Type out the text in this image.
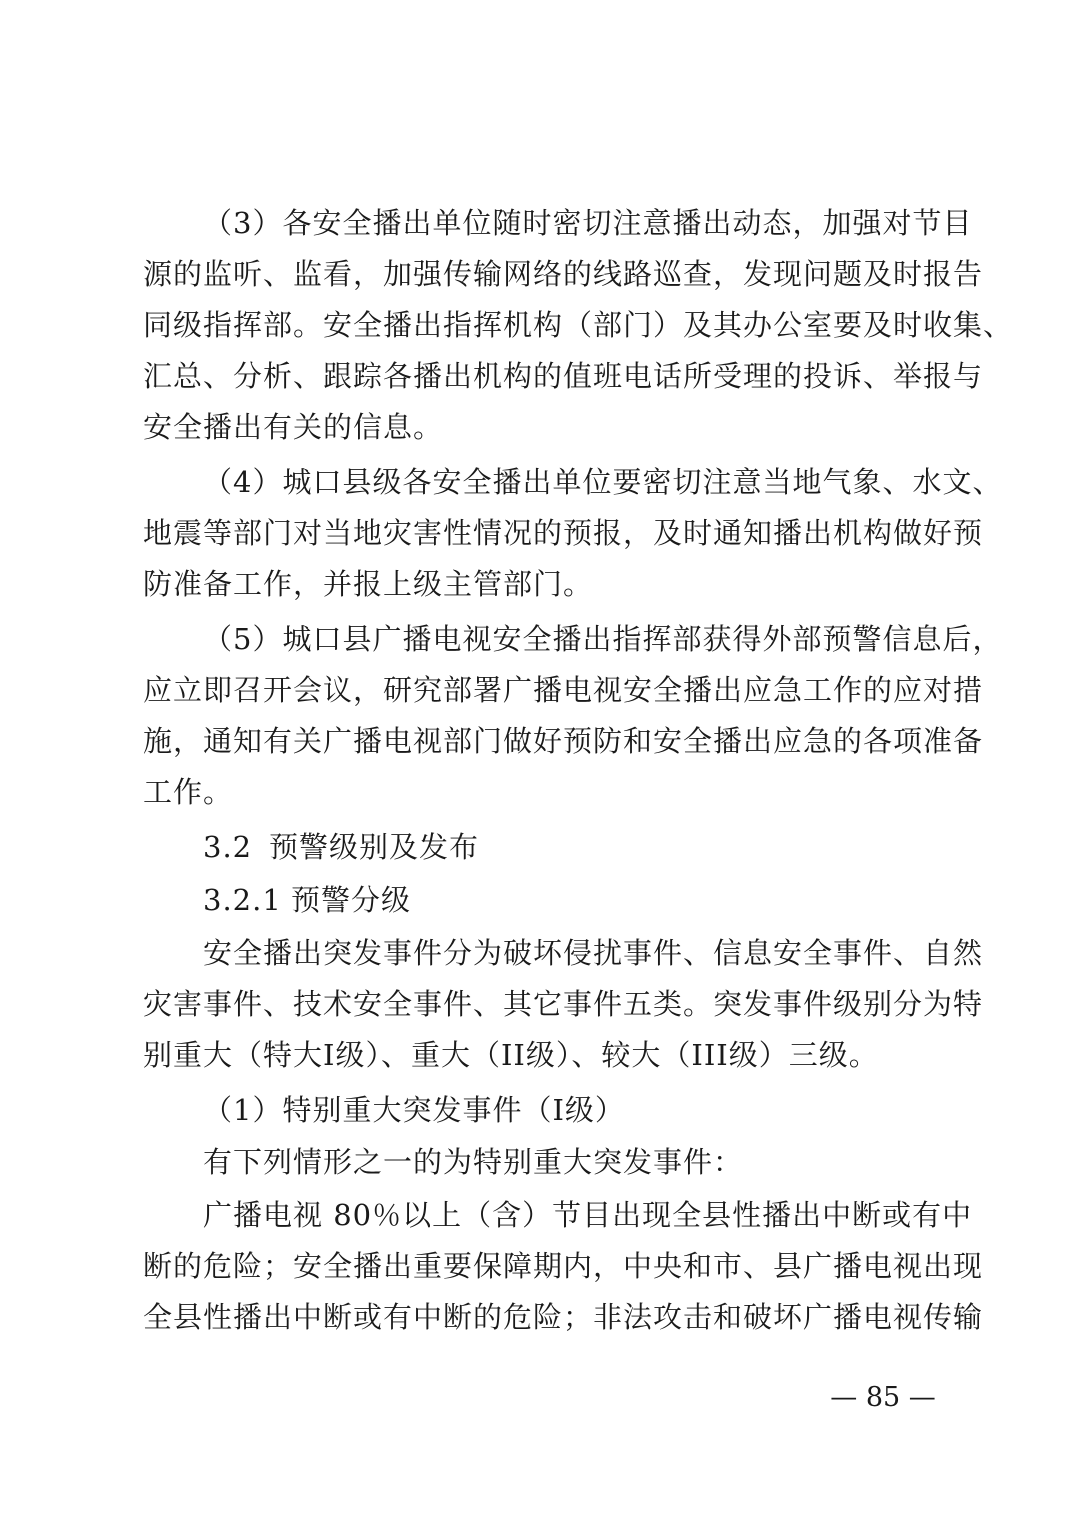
（3）各安全播出单位随时密切注意播出动态，加强对节目
源的监听、监看，加强传输网络的线路巡查，发现问题及时报告
同级指挥部。安全播出指挥机构（部门）及其办公室要及时收集、
汇总、分析、跟踪各播出机构的值班电话所受理的投诉、举报与
安全播出有关的信息。
（4）城口县级各安全播出单位要密切注意当地气象、水文、
地震等部门对当地灾害性情况的预报，及时通知播出机构做好预
防准备工作，并报上级主管部门。
（5）城口县广播电视安全播出指挥部获得外部预警信息后，
应立即召开会议，研究部署广播电视安全播出应急工作的应对措
施，通知有关广播电视部门做好预防和安全播出应急的各项准备
工作。
3.2 预警级别及发布
3.2.1 预警分级
安全播出突发事件分为破坏侵扰事件、信息安全事件、自然
灾害事件、技术安全事件、其它事件五类。突发事件级别分为特
别重大（特大I级）、重大（II级）、较大（III级）三级。
（1）特别重大突发事件（I级）
有下列情形之一的为特别重大突发事件：
广播电视 80％以上（含）节目出现全县性播出中断或有中
断的危险；安全播出重要保障期内，中央和市、县广播电视出现
全县性播出中断或有中断的危险；非法攻击和破坏广播电视传输
— 85 —
